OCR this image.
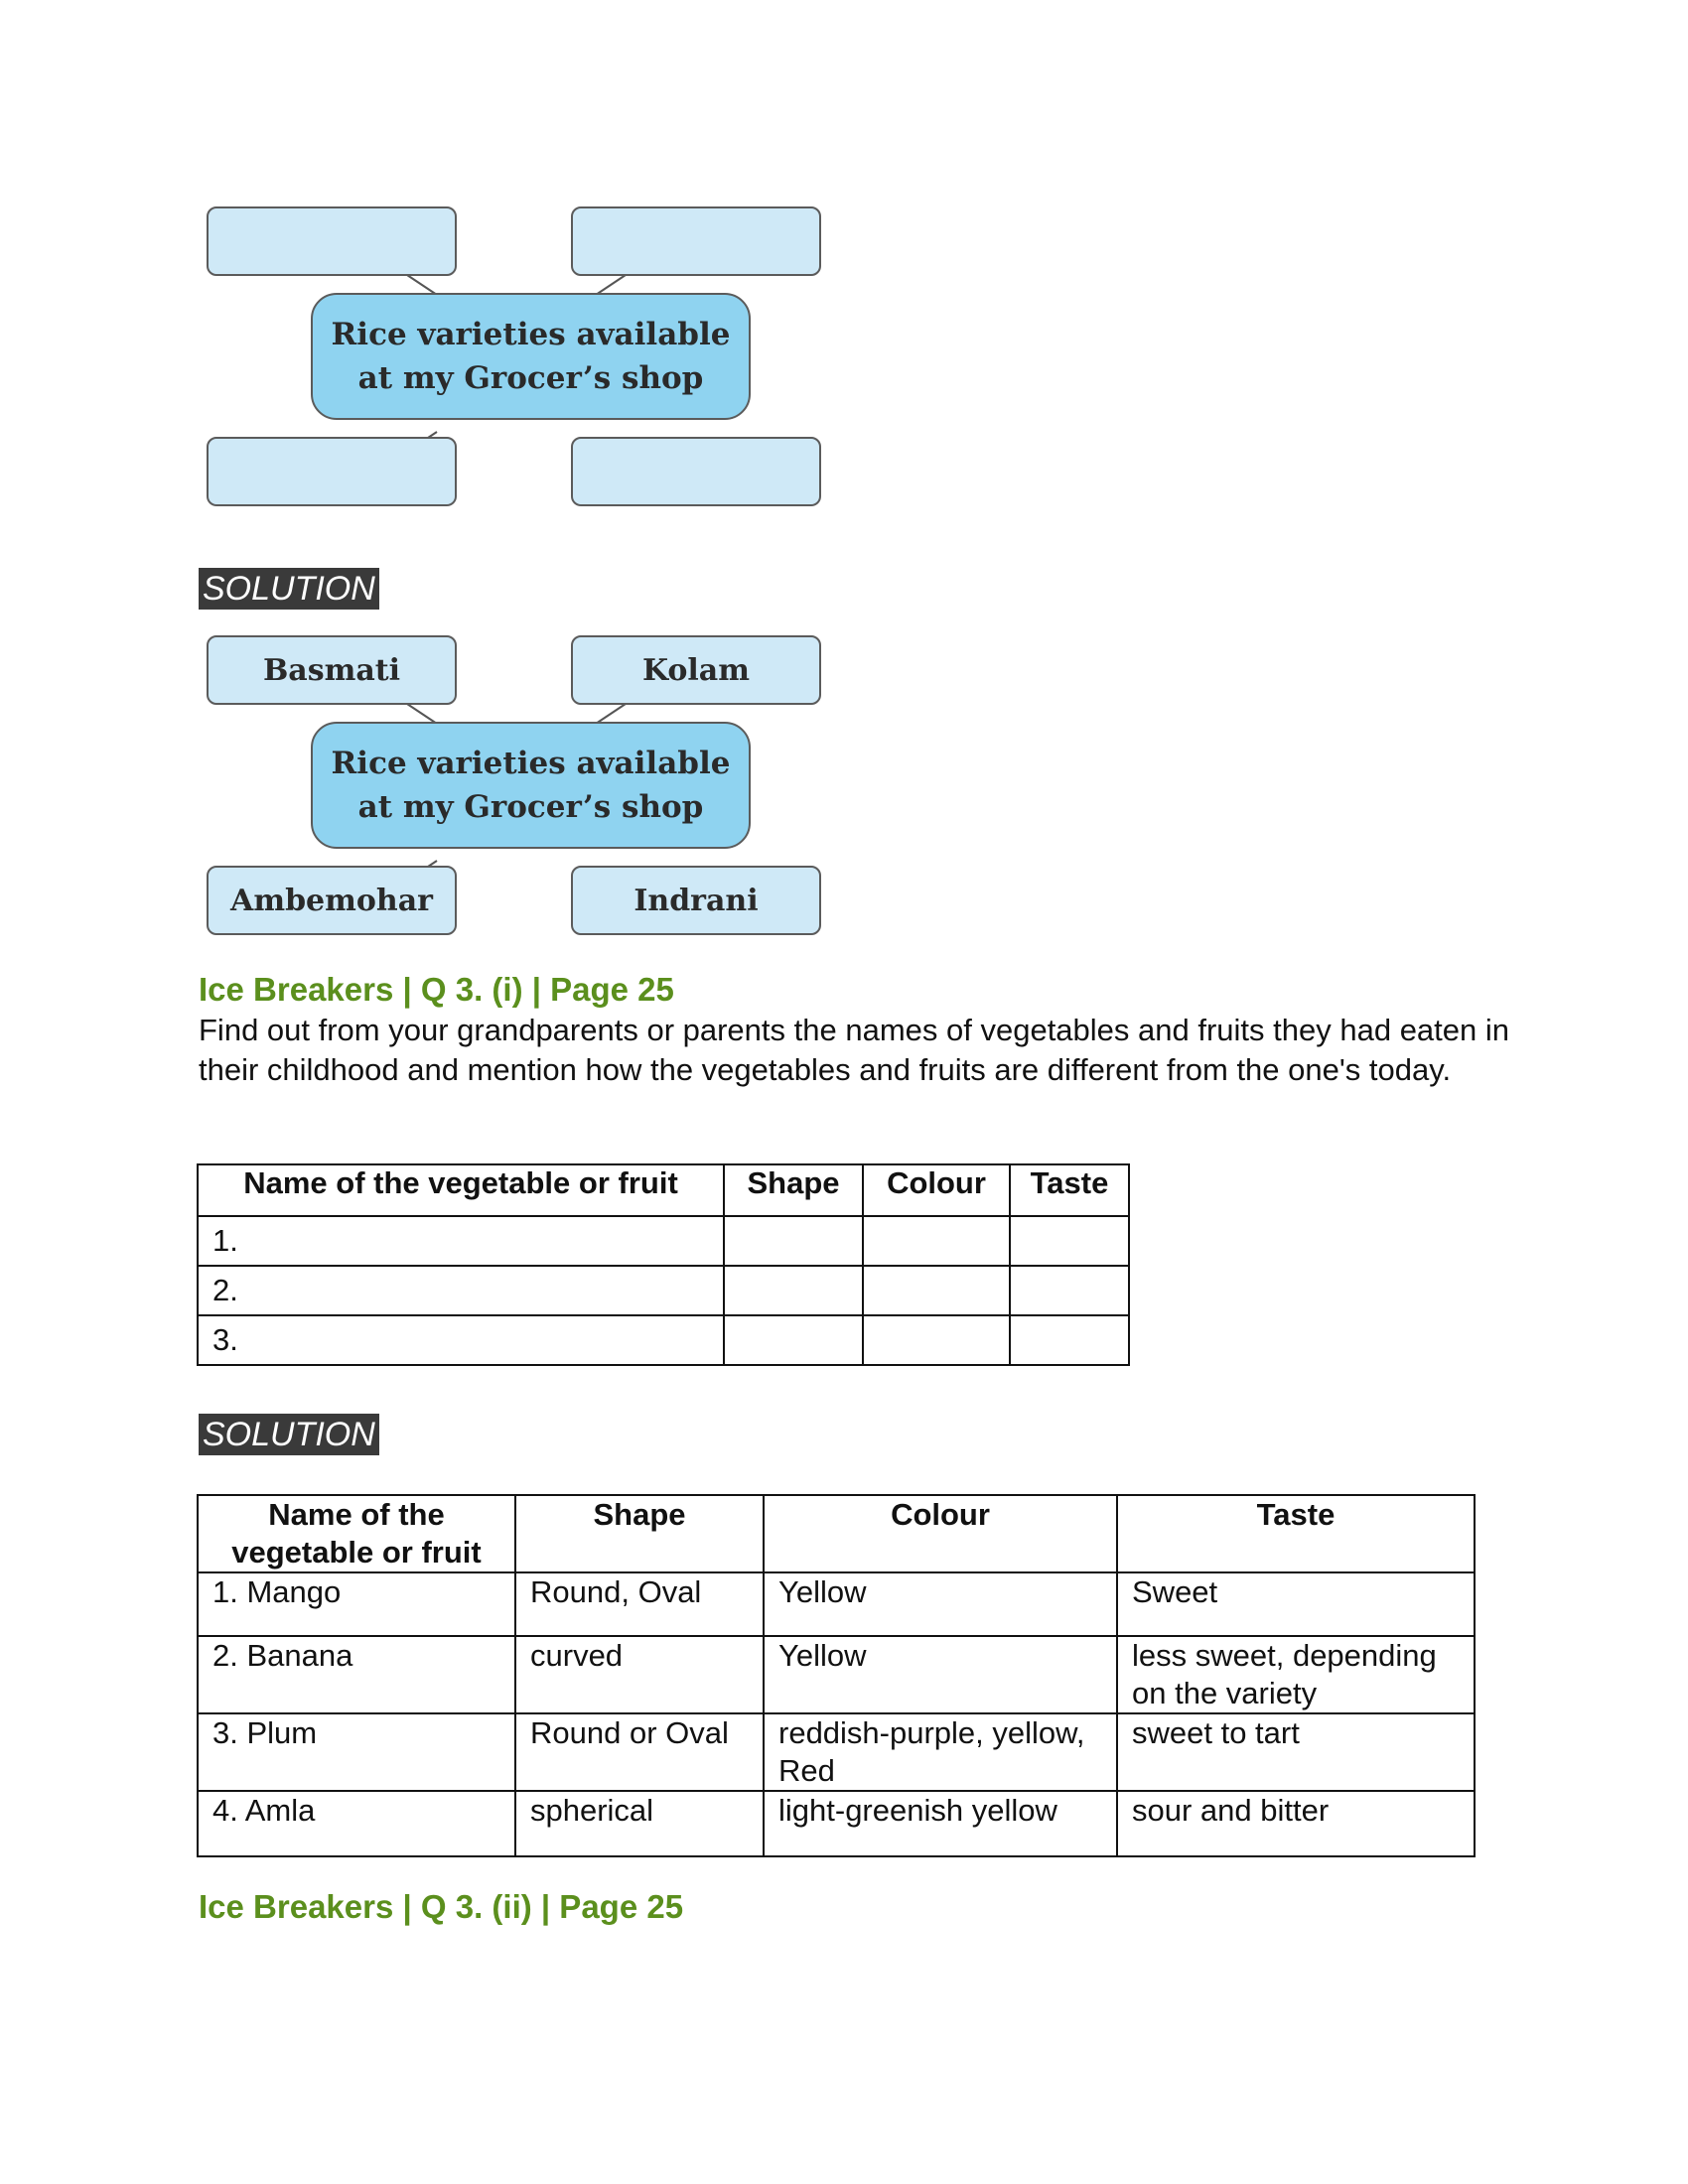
Rice varieties available
at my Grocer’s shop
SOLUTION
Basmati	Kolam
Rice varieties available
at my Grocer’s shop
Ambemohar	Indrani
Ice Breakers | Q 3. (i) | Page 25
Find out from your grandparents or parents the names of vegetables and fruits they had eaten in their childhood and mention how the vegetables and fruits are different from the one's today.
Name of the vegetable or fruit	Shape	Colour	Taste
1.			
2.			
3.			
SOLUTION
Name of the vegetable or fruit	Shape	Colour	Taste
1. Mango	Round, Oval	Yellow	Sweet
2. Banana	curved	Yellow	less sweet, depending on the variety
3. Plum	Round or Oval	reddish-purple, yellow, Red	sweet to tart
4. Amla	spherical	light-greenish yellow	sour and bitter
Ice Breakers | Q 3. (ii) | Page 25
